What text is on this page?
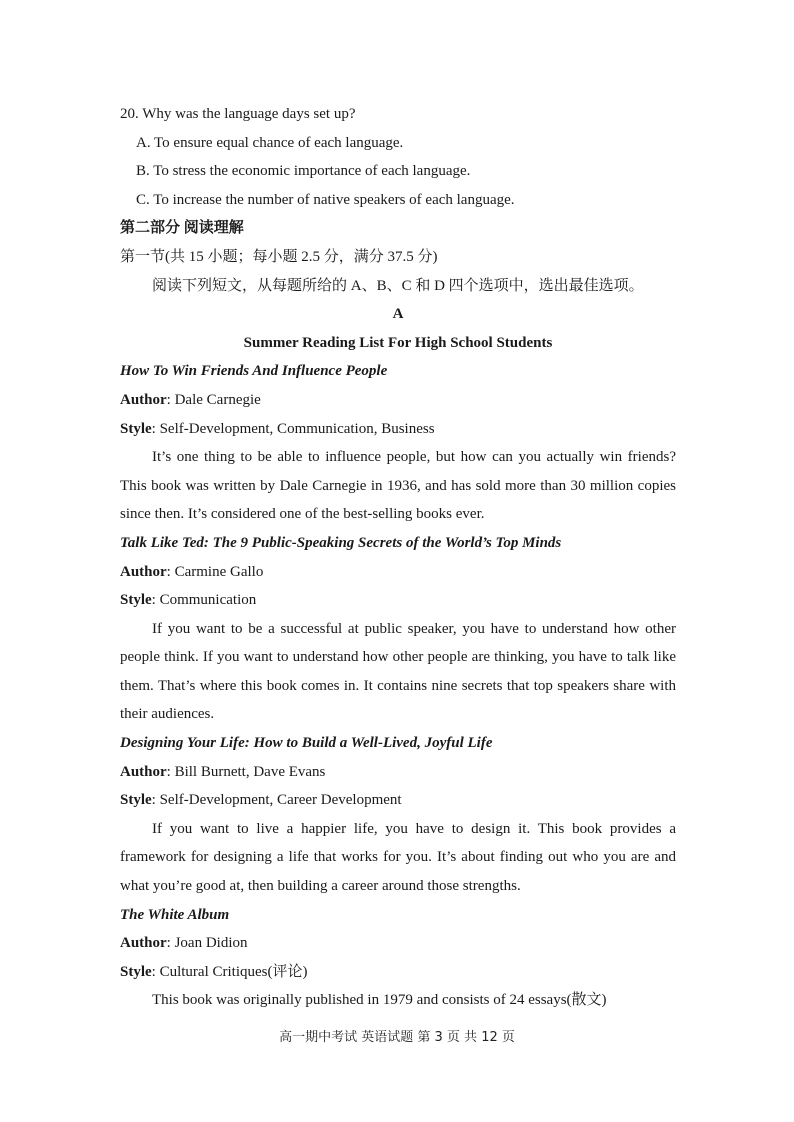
20. Why was the language days set up?
A. To ensure equal chance of each language.
B. To stress the economic importance of each language.
C. To increase the number of native speakers of each language.
第二部分 阅读理解
第一节(共 15 小题；每小题 2.5 分，满分 37.5 分)
阅读下列短文，从每题所给的 A、B、C 和 D 四个选项中，选出最佳选项。
A
Summer Reading List For High School Students
How To Win Friends And Influence People
Author: Dale Carnegie
Style: Self-Development, Communication, Business

It’s one thing to be able to influence people, but how can you actually win friends? This book was written by Dale Carnegie in 1936, and has sold more than 30 million copies since then. It’s considered one of the best-selling books ever.

Talk Like Ted: The 9 Public-Speaking Secrets of the World’s Top Minds
Author: Carmine Gallo
Style: Communication

If you want to be a successful at public speaker, you have to understand how other people think. If you want to understand how other people are thinking, you have to talk like them. That’s where this book comes in. It contains nine secrets that top speakers share with their audiences.

Designing Your Life: How to Build a Well-Lived, Joyful Life
Author: Bill Burnett, Dave Evans
Style: Self-Development, Career Development

If you want to live a happier life, you have to design it. This book provides a framework for designing a life that works for you. It’s about finding out who you are and what you’re good at, then building a career around those strengths.

The White Album
Author: Joan Didion
Style: Cultural Critiques(评论)

This book was originally published in 1979 and consists of 24 essays(散文)

高一期中考试 英语试题 第 3 页 共 12 页
